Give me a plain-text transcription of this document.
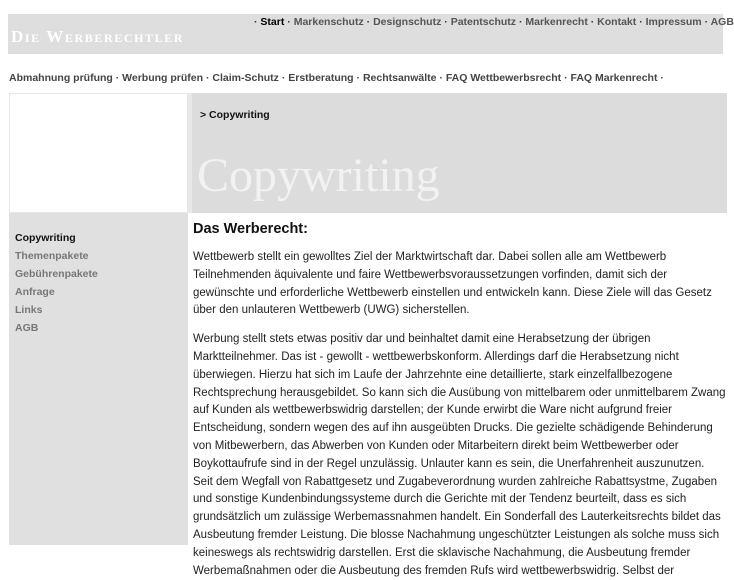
Die Werberechtler
· Start · Markenschutz · Designschutz · Patentschutz · Markenrecht · Kontakt · Impressum · AGB
Abmahnung prüfung · Werbung prüfen · Claim-Schutz · Erstberatung · Rechtsanwälte · FAQ Wettbewerbsrecht · FAQ Markenrecht ·
> Copywriting
Copywriting
Copywriting
Themenpakete
Gebührenpakete
Anfrage
Links
AGB
Das Werberecht:

Wettbewerb stellt ein gewolltes Ziel der Marktwirtschaft dar. Dabei sollen alle am Wettbewerb Teilnehmenden äquivalente und faire Wettbewerbsvoraussetzungen vorfinden, damit sich der gewünschte und erforderliche Wettbewerb einstellen und entwickeln kann. Diese Ziele will das Gesetz über den unlauteren Wettbewerb (UWG) sicherstellen.

Werbung stellt stets etwas positiv dar und beinhaltet damit eine Herabsetzung der übrigen Marktteilnehmer. Das ist - gewollt - wettbewerbskonform. Allerdings darf die Herabsetzung nicht überwiegen. Hierzu hat sich im Laufe der Jahrzehnte eine detaillierte, stark einzelfallbezogene Rechtsprechung herausgebildet. So kann sich die Ausübung von mittelbarem oder unmittelbarem Zwang auf Kunden als wettbewerbswidrig darstellen; der Kunde erwirbt die Ware nicht aufgrund freier Entscheidung, sondern wegen des auf ihn ausgeübten Drucks. Die gezielte schädigende Behinderung von Mitbewerbern, das Abwerben von Kunden oder Mitarbeitern direkt beim Wettbewerber oder Boykottaufrufe sind in der Regel unzulässig. Unlauter kann es sein, die Unerfahrenheit auszunutzen. Seit dem Wegfall von Rabattgesetz und Zugabeverordnung wurden zahlreiche Rabattsystme, Zugaben und sonstige Kundenbindungssysteme durch die Gerichte mit der Tendenz beurteilt, dass es sich grundsätzlich um zulässige Werbemassnahmen handelt. Ein Sonderfall des Lauterkeitsrechts bildet das Ausbeutung fremder Leistung. Die blosse Nachahmung ungeschützter Leistungen als solche muss sich keineswegs als rechtswidrig darstellen. Erst die sklavische Nachahmung, die Ausbeutung fremder Werbemaßnahmen oder die Ausbeutung des fremden Rufs wird wettbewerbswidrig. Selbst der
